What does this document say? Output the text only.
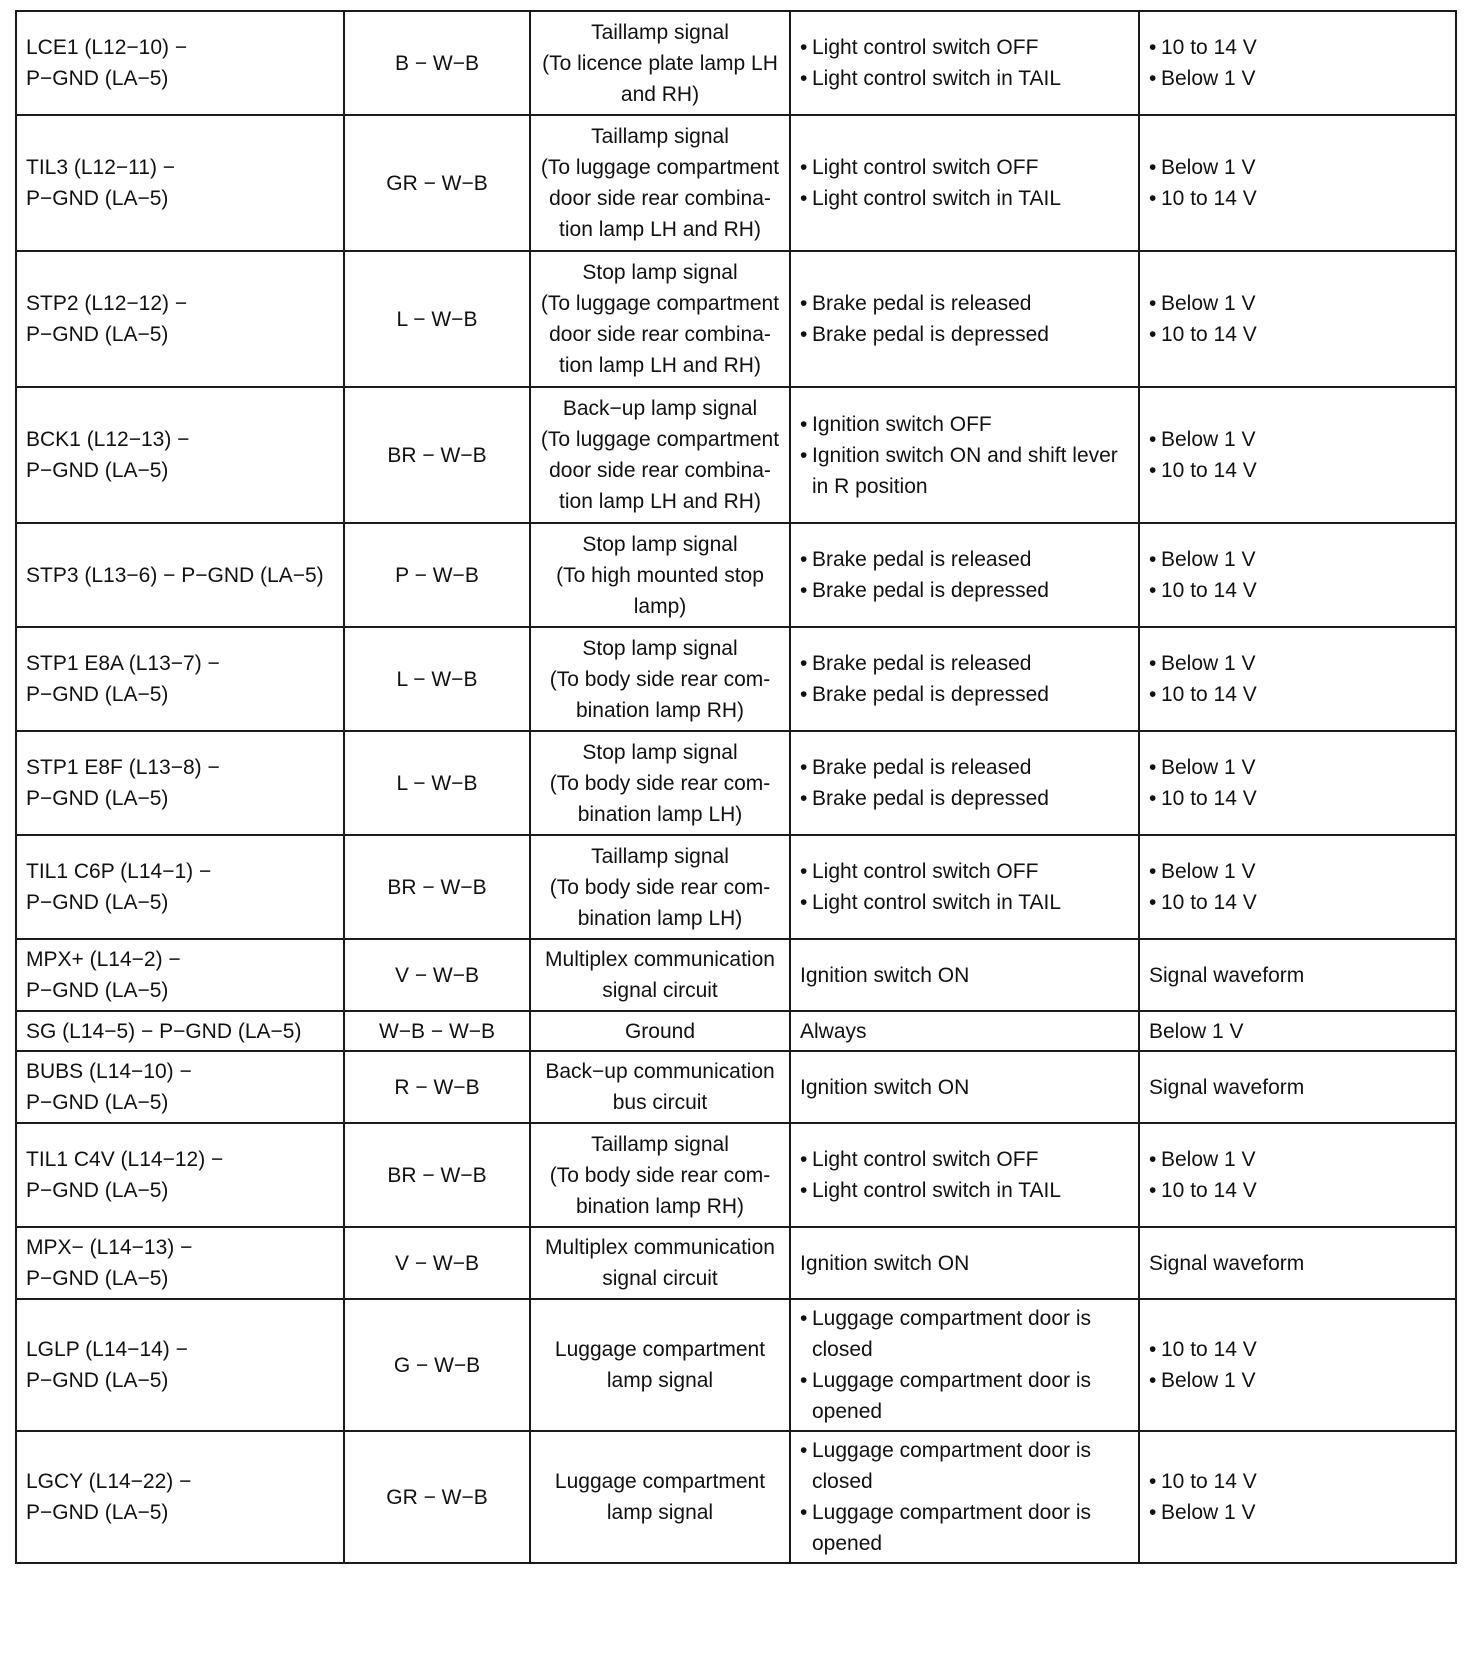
LCE1 (L12−10) −
P−GND (LA−5)	B − W−B	Taillamp signal
(To licence plate lamp LH
and RH)	• Light control switch OFF
• Light control switch in TAIL	• 10 to 14 V
• Below 1 V

TIL3 (L12−11) −
P−GND (LA−5)	GR − W−B	Taillamp signal
(To luggage compartment
door side rear combina-
tion lamp LH and RH)	• Light control switch OFF
• Light control switch in TAIL	• Below 1 V
• 10 to 14 V

STP2 (L12−12) −
P−GND (LA−5)	L − W−B	Stop lamp signal
(To luggage compartment
door side rear combina-
tion lamp LH and RH)	• Brake pedal is released
• Brake pedal is depressed	• Below 1 V
• 10 to 14 V

BCK1 (L12−13) −
P−GND (LA−5)	BR − W−B	Back−up lamp signal
(To luggage compartment
door side rear combina-
tion lamp LH and RH)	• Ignition switch OFF
• Ignition switch ON and shift lever in R position	• Below 1 V
• 10 to 14 V

STP3 (L13−6) − P−GND (LA−5)	P − W−B	Stop lamp signal
(To high mounted stop
lamp)	• Brake pedal is released
• Brake pedal is depressed	• Below 1 V
• 10 to 14 V

STP1 E8A (L13−7) −
P−GND (LA−5)	L − W−B	Stop lamp signal
(To body side rear com-
bination lamp RH)	• Brake pedal is released
• Brake pedal is depressed	• Below 1 V
• 10 to 14 V

STP1 E8F (L13−8) −
P−GND (LA−5)	L − W−B	Stop lamp signal
(To body side rear com-
bination lamp LH)	• Brake pedal is released
• Brake pedal is depressed	• Below 1 V
• 10 to 14 V

TIL1 C6P (L14−1) −
P−GND (LA−5)	BR − W−B	Taillamp signal
(To body side rear com-
bination lamp LH)	• Light control switch OFF
• Light control switch in TAIL	• Below 1 V
• 10 to 14 V

MPX+ (L14−2) −
P−GND (LA−5)	V − W−B	Multiplex communication
signal circuit	Ignition switch ON	Signal waveform

SG (L14−5) − P−GND (LA−5)	W−B − W−B	Ground	Always	Below 1 V

BUBS (L14−10) −
P−GND (LA−5)	R − W−B	Back−up communication
bus circuit	Ignition switch ON	Signal waveform

TIL1 C4V (L14−12) −
P−GND (LA−5)	BR − W−B	Taillamp signal
(To body side rear com-
bination lamp RH)	• Light control switch OFF
• Light control switch in TAIL	• Below 1 V
• 10 to 14 V

MPX− (L14−13) −
P−GND (LA−5)	V − W−B	Multiplex communication
signal circuit	Ignition switch ON	Signal waveform

LGLP (L14−14) −
P−GND (LA−5)	G − W−B	Luggage compartment
lamp signal	• Luggage compartment door is closed
• Luggage compartment door is opened	• 10 to 14 V
• Below 1 V

LGCY (L14−22) −
P−GND (LA−5)	GR − W−B	Luggage compartment
lamp signal	• Luggage compartment door is closed
• Luggage compartment door is opened	• 10 to 14 V
• Below 1 V
